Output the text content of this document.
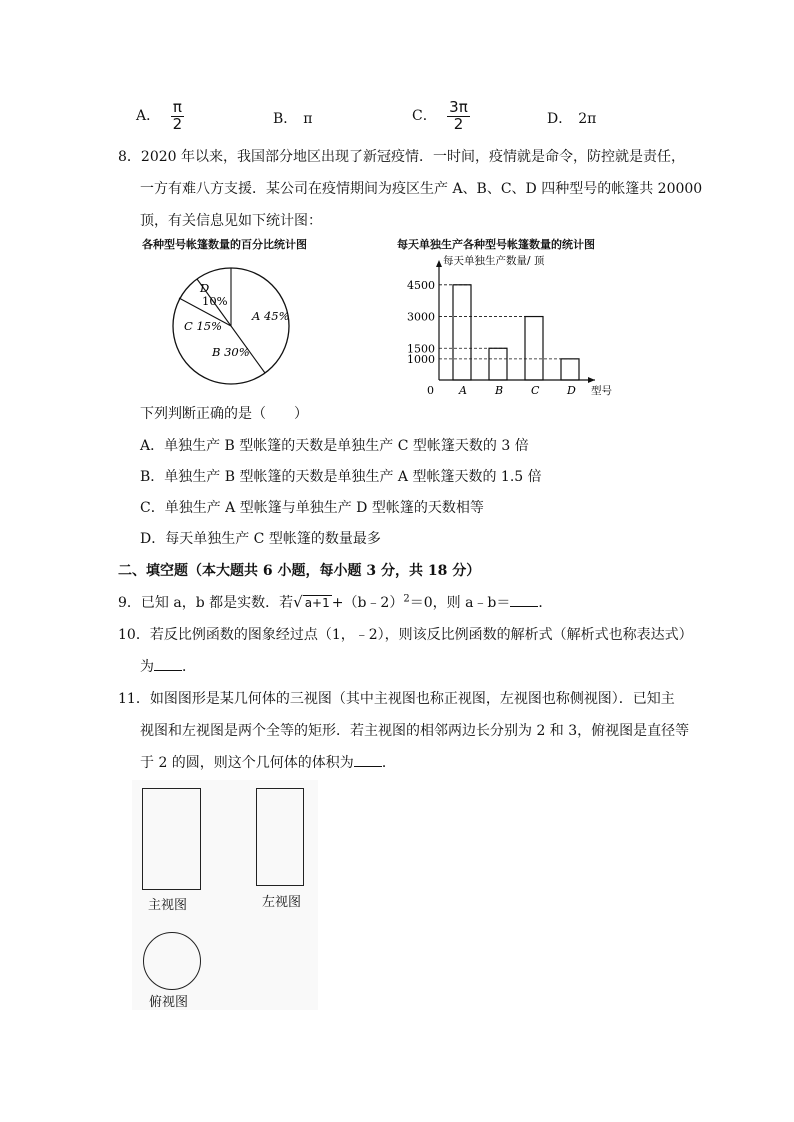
A． $\frac{\pi}{2}$	B． π	C． $\frac{3\pi}{2}$	D． 2π
8．2020 年以来，我国部分地区出现了新冠疫情．一时间，疫情就是命令，防控就是责任，
一方有难八方支援．某公司在疫情期间为疫区生产 A、B、C、D 四种型号的帐篷共 20000
顶，有关信息见如下统计图：
各种型号帐篷数量的百分比统计图
D
10%
C 15%
A 45%
B 30%
每天单独生产各种型号帐篷数量的统计图
每天单独生产数量/ 顶
型号
0 A	B	C	D
4500
3000
1500
1000
下列判断正确的是（　　）
A．单独生产 B 型帐篷的天数是单独生产 C 型帐篷天数的 3 倍
B．单独生产 B 型帐篷的天数是单独生产 A 型帐篷天数的 1.5 倍
C．单独生产 A 型帐篷与单独生产 D 型帐篷的天数相等
D．每天单独生产 C 型帐篷的数量最多
二、填空题（本大题共 6 小题，每小题 3 分，共 18 分）
9．已知 a，b 都是实数．若√ a+1 +（b﹣2）$^2$＝0，则 a﹣b＝ ．
10．若反比例函数的图象经过点（1，﹣2），则该反比例函数的解析式（解析式也称表达式）
为 ．
11．如图图形是某几何体的三视图（其中主视图也称正视图，左视图也称侧视图）．已知主
视图和左视图是两个全等的矩形．若主视图的相邻两边长分别为 2 和 3，俯视图是直径等
于 2 的圆，则这个几何体的体积为 ．
主视图	左视图
俯视图
